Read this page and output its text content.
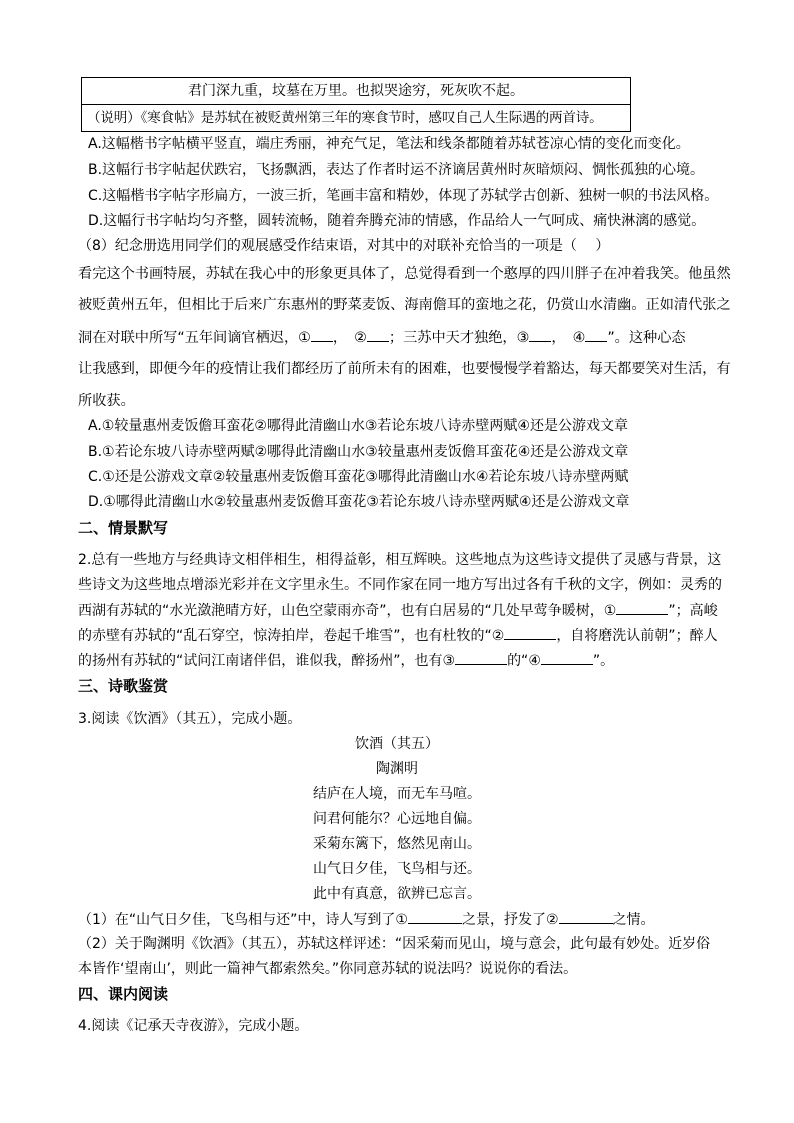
君门深九重，坟墓在万里。也拟哭途穷，死灰吹不起。
（说明）《寒食帖》是苏轼在被贬黄州第三年的寒食节时，感叹自己人生际遇的两首诗。
A.这幅楷书字帖横平竖直，端庄秀丽，神充气足，笔法和线条都随着苏轼苍凉心情的变化而变化。
B.这幅行书字帖起伏跌宕，飞扬飘洒，表达了作者时运不济谪居黄州时灰暗烦闷、惆怅孤独的心境。
C.这幅楷书字帖字形扁方，一波三折，笔画丰富和精妙，体现了苏轼学古创新、独树一帜的书法风格。
D.这幅行书字帖均匀齐整，圆转流畅，随着奔腾充沛的情感，作品给人一气呵成、痛快淋漓的感觉。
（8）纪念册选用同学们的观展感受作结束语，对其中的对联补充恰当的一项是（　 ）
看完这个书画特展，苏轼在我心中的形象更具体了，总觉得看到一个憨厚的四川胖子在冲着我笑。他虽然
被贬黄州五年，但相比于后来广东惠州的野菜麦饭、海南儋耳的蛮地之花，仍赏山水清幽。正如清代张之
洞在对联中所写“五年间谪官栖迟，① ，　② ；三苏中天才独绝，③ ，　④ ”。这种心态
让我感到，即便今年的疫情让我们都经历了前所未有的困难，也要慢慢学着豁达，每天都要笑对生活，有
所收获。
A.①较量惠州麦饭儋耳蛮花②哪得此清幽山水③若论东坡八诗赤壁两赋④还是公游戏文章
B.①若论东坡八诗赤壁两赋②哪得此清幽山水③较量惠州麦饭儋耳蛮花④还是公游戏文章
C.①还是公游戏文章②较量惠州麦饭儋耳蛮花③哪得此清幽山水④若论东坡八诗赤壁两赋
D.①哪得此清幽山水②较量惠州麦饭儋耳蛮花③若论东坡八诗赤壁两赋④还是公游戏文章
二、情景默写
2.总有一些地方与经典诗文相伴相生，相得益彰，相互辉映。这些地点为这些诗文提供了灵感与背景，这
些诗文为这些地点增添光彩并在文字里永生。不同作家在同一地方写出过各有千秋的文字，例如：灵秀的
西湖有苏轼的“水光潋滟晴方好，山色空蒙雨亦奇”，也有白居易的“几处早莺争暖树，①	”；高峻
的赤壁有苏轼的“乱石穿空，惊涛拍岸，卷起千堆雪”，也有杜牧的“②	，自将磨洗认前朝”；醉人
的扬州有苏轼的“试问江南诸伴侣，谁似我，醉扬州”，也有③	的“④	”。
三、诗歌鉴赏
3.阅读《饮酒》（其五），完成小题。
饮酒（其五）
陶渊明
结庐在人境，而无车马喧。
问君何能尔？心远地自偏。
采菊东篱下，悠然见南山。
山气日夕佳，飞鸟相与还。
此中有真意，欲辨已忘言。
（1）在“山气日夕佳，飞鸟相与还”中，诗人写到了①	之景，抒发了②	之情。
（2）关于陶渊明《饮酒》（其五），苏轼这样评述：“因采菊而见山，境与意会，此句最有妙处。近岁俗
本皆作‘望南山’，则此一篇神气都索然矣。”你同意苏轼的说法吗？说说你的看法。
四、课内阅读
4.阅读《记承天寺夜游》，完成小题。
